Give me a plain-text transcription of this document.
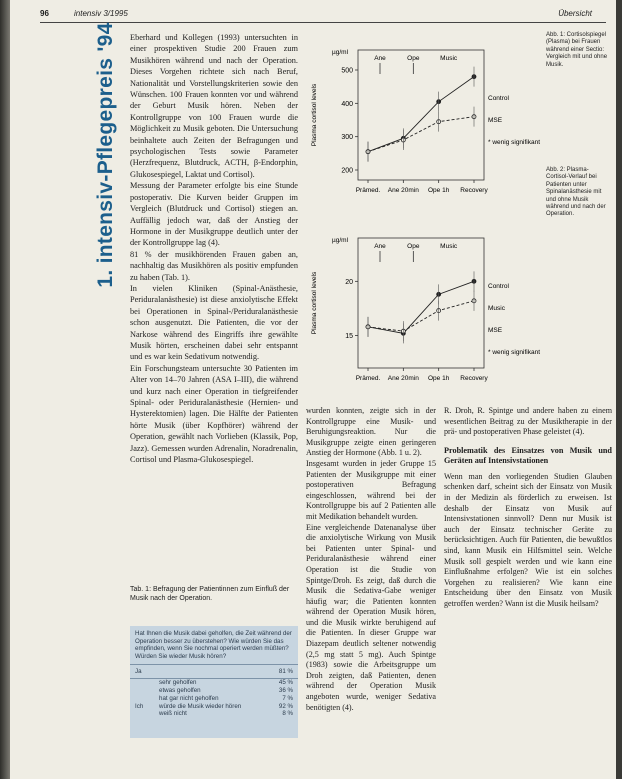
96	intensiv 3/1995	Übersicht
1. intensiv-Pflegepreis '94 Eberhard und Kollegen (1993) untersuchten in einer prospektiven Studie 200 Frauen zum Musikhören während und nach der Operation. Dieses Vorgehen richtete sich nach Beruf, Nationalität und Vorstellungskriterien sowie den Wünschen. 100 Frauen konnten vor und während der Geburt Musik hören. Neben der Kontrollgruppe von 100 Frauen wurde die Möglichkeit zu Musik geboten. Die Untersuchung beinhaltete auch Zeiten der Befragungen und psychologischen Tests sowie Parameter (Herzfrequenz, Blutdruck, ACTH, β-Endorphin, Glukosespiegel, Laktat und Cortisol).

Messung der Parameter erfolgte bis eine Stunde postoperativ. Die Kurven beider Gruppen im Vergleich (Blutdruck und Cortisol) stiegen an. Auffällig jedoch war, daß der Anstieg der Hormone in der Musikgruppe deutlich unter der der Kontrollgruppe lag (4).

81 % der musikhörenden Frauen gaben an, nachhaltig das Musikhören als positiv empfunden zu haben (Tab. 1).

In vielen Kliniken (Spinal-Anästhesie, Periduralanästhesie) ist diese anxiolytische Effekt bei Operationen in Spinal-/Periduralanästhesie schon ausgenutzt. Die Patienten, die vor der Narkose während des Eingriffs ihre gewählte Musik hörten, erscheinen dabei sehr entspannt und es war kein Sedativum notwendig.

Ein Forschungsteam untersuchte 30 Patienten im Alter von 14–70 Jahren (ASA I–III), die während und kurz nach einer Operation in tiefgreifender Spinal- oder Periduralanästhesie (Hernien- und Hysterektomien) lagen. Die Hälfte der Patienten hörte Musik (über Kopfhörer) während der Operation, gewählt nach Vorlieben (Klassik, Pop, Jazz). Gemessen wurden Adrenalin, Noradrenalin, Cortisol und Plasma-Glukosespiegel.

Plasma cortisol levels
µg/ml
200
300
400
500
Prämed. Ane 20min Ope 1h Recovery
Ane	Ope	Music
Control
MSE
* wenig signifikant
Plasma cortisol levels
µg/ml
15
20
Prämed. Ane 20min Ope 1h Recovery
Ane	Ope	Music
Control
Music
MSE
* wenig signifikant
Abb. 1: Cortisolspiegel (Plasma) bei Frauen während einer Sectio: Vergleich mit und ohne Musik.
Abb. 2: Plasma-Cortisol-Verlauf bei Patienten unter Spinalanästhesie mit und ohne Musik während und nach der Operation.
Tab. 1: Befragung der Patientinnen zum Einfluß der Musik nach der Operation.
Hat Ihnen die Musik dabei geholfen, die Zeit während der Operation besser zu überstehen? Wie würden Sie das empfinden, wenn Sie nochmal operiert werden müßten? Würden Sie wieder Musik hören?
Ja	81 %
sehr geholfen	45 %
etwas geholfen	36 %
hat gar nicht geholfen	7 %
Ich	würde die Musik wieder hören	92 %
weiß nicht	8 %

wurden konnten, zeigte sich in der Kontrollgruppe eine Musik- und Beruhigungsreaktion. Nur die Musikgruppe zeigte einen geringeren Anstieg der Hormone (Abb. 1 u. 2).

Insgesamt wurden in jeder Gruppe 15 Patienten der Musikgruppe mit einer postoperativen Befragung eingeschlossen, während bei der Kontrollgruppe bis auf 2 Patienten alle mit Medikation behandelt wurden.

Eine vergleichende Datenanalyse über die anxiolytische Wirkung von Musik bei Patienten unter Spinal- und Periduralanästhesie während einer Operation ist die Studie von Spintge/Droh. Es zeigt, daß durch die Musik die Sedativa-Gabe weniger häufig war; die Patienten konnten während der Operation Musik hören, und die Musik wirkte beruhigend auf die Patienten. In dieser Gruppe war Diazepam deutlich seltener notwendig (2,5 mg statt 5 mg). Auch Spintge (1983) sowie die Arbeitsgruppe um Droh zeigten, daß Patienten, denen während der Operation Musik angeboten wurde, weniger Sedativa benötigten (4).

R. Droh, R. Spintge und andere haben zu einem wesentlichen Beitrag zu der Musiktherapie in der prä- und postoperativen Phase geleistet (4).

Problematik des Einsatzes von Musik und Geräten auf Intensivstationen

Wenn man den vorliegenden Studien Glauben schenken darf, scheint sich der Einsatz von Musik in der Medizin als förderlich zu erweisen. Ist deshalb der Einsatz von Musik auf Intensivstationen sinnvoll? Denn nur Musik ist auch der Einsatz technischer Geräte zu berücksichtigen. Auch für Patienten, die bewußtlos sind, kann Musik ein Hilfsmittel sein. Welche Musik soll gespielt werden und wie kann eine Einflußnahme erfolgen? Wie ist ein solches Vorgehen zu realisieren? Wie kann eine Entscheidung über den Einsatz von Musik getroffen werden? Wann ist die Musik heilsam?
